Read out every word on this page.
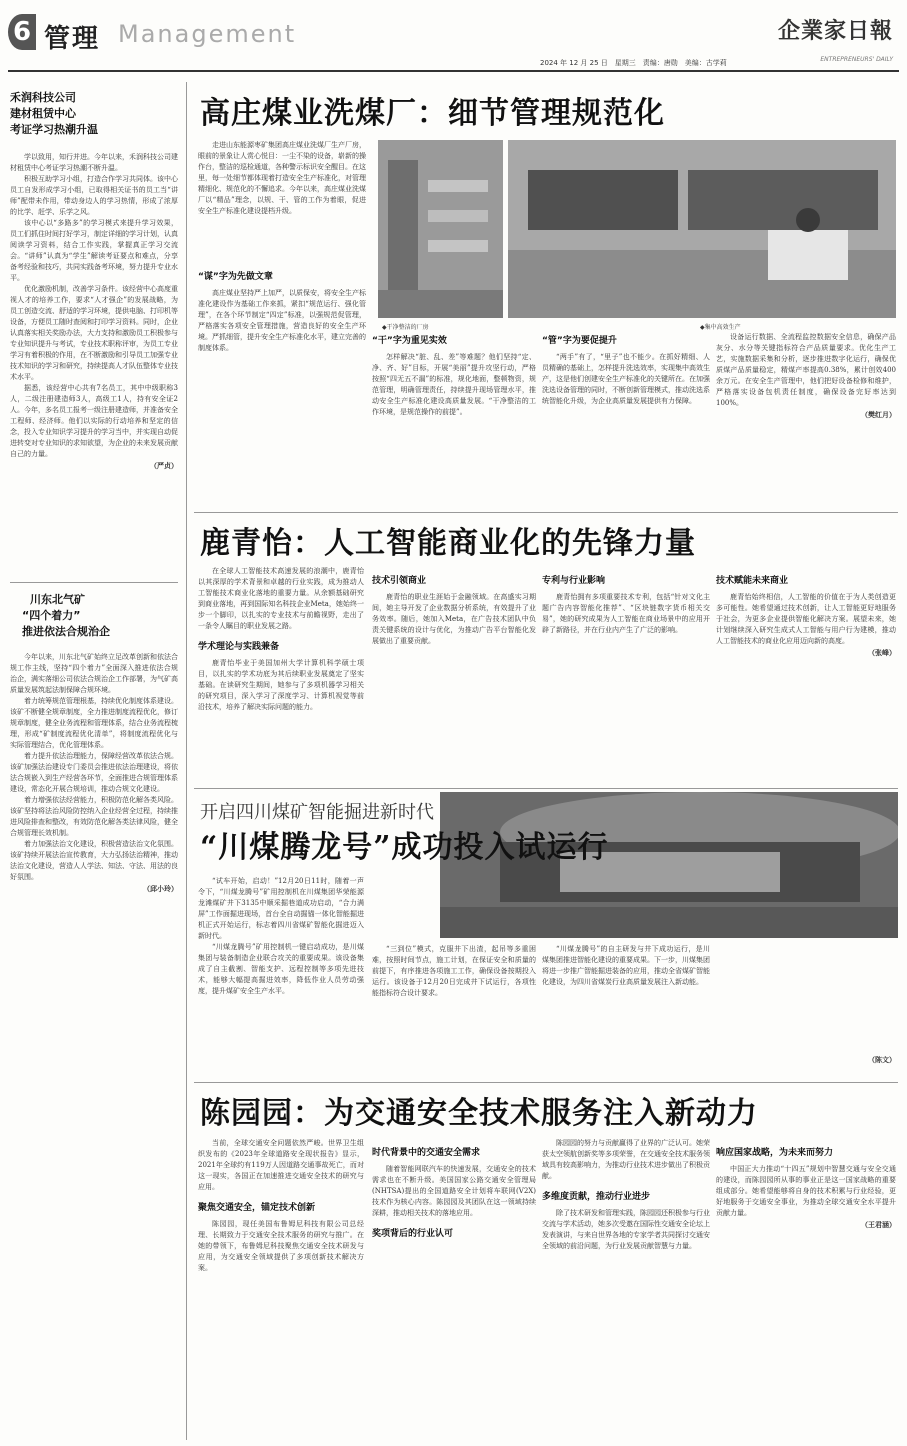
6 管理 Management	企業家日報
ENTREPRENEURS' DAILY
2024 年 12 月 25 日　星期三　责编：唐勋　美编：古学莉
禾润科技公司
建材租赁中心
考证学习热潮升温

学以致用，知行并进。今年以来，禾润科技公司建材租赁中心考证学习热潮不断升温。

积极互助学习小组，打造合作学习共同体。该中心员工自发形成学习小组，已取得相关证书的员工当“讲师”配带未作用，带动身边人的学习热情，形成了浓厚的比学、赶学、乐学之风。

该中心以“多路多”的学习模式来提升学习效果，员工们抓住时间打好学习，制定详细的学习计划，认真阅读学习资料，结合工作实践，掌握真正学习交流会。“讲师”认真为“学生”解读考证要点和难点，分享备考经验和技巧，共同实践备考环境，努力提升专业水平。

优化激励机制，改善学习条件。该经营中心高度重视人才的培养工作，要求“人才强企”的发展战略，为员工创造交流、舒适的学习环境，提供电脑、打印机等设备，方便员工随时查阅和打印学习资料。同时，企业认真落实相关奖励办法，大力支持和激励员工积极参与专业知识提升与考试，专业技术职称评审，为员工专业学习有着积极的作用，在不断激励和引导员工加强专业技术知识的学习和研究，持续提高人才队伍整体专业技术水平。

据悉，该经营中心共有7名员工，其中中级职称3人，二级注册建造师3人，高级工1人，持有安全证2人。今年，多名员工报考一级注册建造师，并准备安全工程师、经济师。他们以实际的行动培养和坚定的信念，投入专业知识学习提升的学习当中，并实现自动促进转变对专业知识的求知欲望，为企业的未来发展贡献自己的力量。

（严贞）
川东北气矿
“四个着力”
推进依法合规治企

今年以来，川东北气矿始终立足改革创新和依法合规工作主线，坚持“四个着力”全面深入推进依法合规治企，满实落细公司依法合规治企工作部署，为气矿高质量发展筑起法制保障合规环境。

着力统筹规范管理根基，持续优化制度体系建设。该矿不断健全规章制度，全力推进制度流程优化，修订规章制度，健全业务流程和管理体系，结合业务流程梳理，形成“矿制度流程优化清单”，将制度流程优化与实际管理结合，优化管理体系。

着力提升依法治理能力，保障经营改革依法合规。该矿加强法治建设专门委员会推进依法治理建设，将依法合规嵌入到生产经营各环节，全面推进合规管理体系建设，常态化开展合规培训，推动合规文化建设。

着力增强依法经营能力，积极防范化解各类风险。该矿坚持将法治风险防控纳入企业经营全过程，持续推进风险排查和整改，有效防范化解各类法律风险，健全合规管理长效机制。

着力加强法治文化建设，积极营造法治文化氛围。该矿持续开展法治宣传教育，大力弘扬法治精神，推动法治文化建设，营造人人学法、知法、守法、用法的良好氛围。

（邱小玲）
高庄煤业洗煤厂：细节管理规范化

走进山东能源枣矿集团高庄煤业洗煤厂生产厂房，眼前的景象让人赏心悦目：一尘不染的设备，崭新的操作台，整洁的巡检通道，各种警示标识安全醒目。在这里，每一处细节都体现着打造安全生产标准化，对管理精细化、规范化的不懈追求。今年以来，高庄煤业洗煤厂以“精品”理念，以规、干、管的工作为着眼，促进安全生产标准化建设提档升级。

◆干净整洁的厂房	◆集中高效生产
“谋”字为先做文章

高庄煤业坚持严上加严，以质保安，将安全生产标准化建设作为基础工作来抓，紧扣“规范运行、强化管理”，在各个环节制定“四定”标准，以强规范促管理，严格落实各项安全管理措施，营造良好的安全生产环境。严抓细管，提升安全生产标准化水平，建立完善的制度体系。

“干”字为重见实效

怎样解决“脏、乱、差”等难题？他们坚持“定、净、齐、好”目标，开展“美丽”提升攻坚行动，严格按照“四无五不漏”的标准，规化地面，整顿物资，规范管理，明确管理责任，持续提升现场管理水平，推动安全生产标准化建设高质量发展。“干净整洁的工作环境，是规范操作的前提”。

“管”字为要促提升

“两手”有了，“里子”也不能少。在抓好精细、人员精确的基础上，怎样提升洗选效率，实现集中高效生产，这是他们创建安全生产标准化的关键所在。在加强洗选设备管理的同时，不断创新管理模式，推动洗选系统智能化升级，为企业高质量发展提供有力保障。

设备运行数据、全流程监控数据安全信息，确保产品灰分、水分等关键指标符合产品质量要求。优化生产工艺，实施数据采集和分析，逐步推进数字化运行，确保优质煤产品质量稳定，精煤产率提高0.38%，累计创效400余万元。在安全生产管理中，他们把好设备检修和维护，严格落实设备包机责任制度，确保设备完好率达到100%。

（樊红月）
鹿青怡：人工智能商业化的先锋力量

在全球人工智能技术高速发展的浪潮中，鹿青怡以其深厚的学术背景和卓越的行业实践，成为推动人工智能技术商业化落地的重要力量。从余额基础研究到商业落地，再到国际知名科技企业Meta，她始终一步一个脚印，以扎实的专业技术与前瞻视野，走出了一条令人瞩目的职业发展之路。

学术理论与实践兼备

鹿青怡毕业于美国加州大学计算机科学硕士项目，以扎实的学术功底为其后续职业发展奠定了坚实基础。在读研究生期间，她参与了多项机器学习相关的研究项目，深入学习了深度学习、计算机视觉等前沿技术，培养了解决实际问题的能力。

技术引领商业

鹿青怡的职业生涯始于金融领域。在高盛实习期间，她主导开发了企业数据分析系统，有效提升了业务效率。随后，她加入Meta，在广告技术团队中负责关键系统的设计与优化，为推动广告平台智能化发展做出了重要贡献。

专利与行业影响

鹿青怡拥有多项重要技术专利，包括“针对文化主题广告内容智能化推荐”、“区块链数字货币相关交易”，她的研究成果为人工智能在商业场景中的应用开辟了新路径，并在行业内产生了广泛的影响。

技术赋能未来商业

鹿青怡始终相信，人工智能的价值在于为人类创造更多可能性。她希望通过技术创新，让人工智能更好地服务于社会，为更多企业提供智能化解决方案。展望未来，她计划继续深入研究生成式人工智能与用户行为建模，推动人工智能技术的商业化应用迈向新的高度。

（张峰）
开启四川煤矿智能掘进新时代
“川煤腾龙号”成功投入试运行

“试车开始，启动！”12月20日11时，随着一声令下，“川煤龙腾号”矿用控制机在川煤集团华荣能源龙滩煤矿井下3135中顺采掘巷道成功启动，“合力满屏”工作面掘进现场，首台全自动掘锚一体化智能掘进机正式开始运行，标志着四川省煤矿智能化掘进迈入新时代。

“川煤龙腾号”矿用控制机一键启动成功，是川煤集团与装备制造企业联合攻关的重要成果。该设备集成了自主截割、智能支护、远程控制等多项先进技术，能够大幅提高掘进效率，降低作业人员劳动强度，提升煤矿安全生产水平。

“三到位”模式，克服井下出渣，起吊等多重困难，按照时间节点，施工计划，在保证安全和质量的前提下，有序推进各项施工工作，确保设备按期投入运行。该设备于12月20日完成井下试运行，各项性能指标符合设计要求。

“川煤龙腾号”的自主研发与井下成功运行，是川煤集团推进智能化建设的重要成果。下一步，川煤集团将进一步推广智能掘进装备的应用，推动全省煤矿智能化建设，为四川省煤炭行业高质量发展注入新动能。

（陈文）
陈园园：为交通安全技术服务注入新动力

当前，全球交通安全问题依然严峻。世界卫生组织发布的《2023年全球道路安全现状报告》显示，2021年全球约有119万人因道路交通事故死亡，而对这一现实，各国正在加速推进交通安全技术的研究与应用。

聚焦交通安全，锚定技术创新

陈园园，现任美国布鲁姆尼科技有限公司总经理、长期致力于交通安全技术服务的研究与推广。在她的带领下，布鲁姆尼科技聚焦交通安全技术研发与应用，为交通安全领域提供了多项创新技术解决方案。

时代背景中的交通安全需求

随着智能网联汽车的快速发展，交通安全的技术需求也在不断升级。美国国家公路交通安全管理局(NHTSA)提出的全国道路安全计划将车联网(V2X)技术作为核心内容。陈园园及其团队在这一领域持续深耕，推动相关技术的落地应用。

奖项背后的行业认可

陈园园的努力与贡献赢得了业界的广泛认可。她荣获太空领航创新奖等多项荣誉，在交通安全技术服务领域具有较高影响力，为推动行业技术进步做出了积极贡献。

多维度贡献，推动行业进步

除了技术研发和管理实践，陈园园还积极参与行业交流与学术活动，她多次受邀在国际性交通安全论坛上发表演讲，与来自世界各地的专家学者共同探讨交通安全领域的前沿问题，为行业发展贡献智慧与力量。

响应国家战略，为未来而努力

中国正大力推动“十四五”规划中智慧交通与安全交通的建设，而陈园园所从事的事业正是这一国家战略的重要组成部分。她希望能够将自身的技术积累与行业经验，更好地服务于交通安全事业，为推动全球交通安全水平提升贡献力量。

（王君涵）
